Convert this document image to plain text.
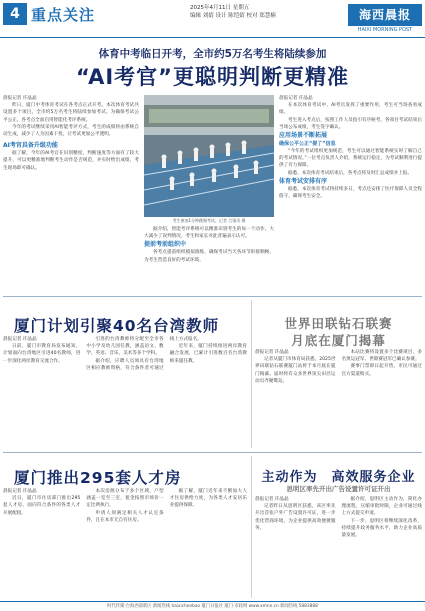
4 重点关注	2025年4月11日 星期五
编辑 刘婧 设计 陈恺婧 校对 郑慧楠	海西晨报
HAIXI MORNING POST
体育中考临日开考，全市约5万名考生将陆续参加
“AI考官”更聪明判断更精准
晨报记者 许晶晶

昨日，厦门中考体育考试在各考点正式开考。本次体育考试共设置多个项目，全市约5万名考生将陆续参加考试。为确保考试公平公正，各考点全面启用智能化考评系统。

今年的考试继续采用AI智能考评方式，考生的成绩将由系统自动生成，减少了人为因素干扰，让考试更加公平透明。

AI考官具备升级功能

据了解，今年的AI考官在识别精度、判断速度等方面有了较大提升，可以更精准地判断考生动作是否规范，并实时给出成绩，考生现场即可确认。

考生参加1分钟跳绳考试。记者 吕银凤 摄

据介绍，智能考评系统可以精准识别考生的每一个动作，大大减少了误判情况，考生和家长对此普遍表示认可。

提前考前组织中

各考点提前组织模拟演练，确保考试当天各环节衔接顺畅，为考生营造良好的考试环境。

晨报记者 许晶晶

在本次体育考试中，AI考官发挥了重要作用，考生可当场查看成绩。

考生进入考点后，按照工作人员指引有序候考，各项目考试结束后当场公布成绩，考生签字确认。

应用场景不断拓展
确保公平公正“提了”信息

“今年的考试组织更加规范，考生可以通过智能系统实时了解自己的考试情况。”一位考点负责人介绍，系统运行稳定，为考试顺利进行提供了有力保障。

据悉，本次体育考试结束后，各考点将及时汇总成绩并上报。

体育考试安排有序

据悉，本次体育考试将持续多日，考点还安排了医疗保障人员全程值守，确保考生安全。

厦门计划引聚40名台湾教师
晨报记者 许晶晶

日前，厦门市教育局发布通知，计划面向台湾地区引进40名教师，进一步深化两岸教育交流合作。

引进的台湾教师将分配至全市各中小学及幼儿园任教，涵盖语文、数学、英语、音乐、美术等多个学科。

据介绍，应聘人员须具有台湾地区相应教师资格，符合条件者可通过线上方式报名。

近年来，厦门持续推进两岸教育融合发展，已累计引进数百名台湾教师来厦任教。

世界田联钻石联赛
月底在厦门揭幕
晨报记者 许晶晶

记者从厦门市体育局获悉，2025世界田联钻石联赛厦门站将于本月底在厦门揭幕。届时将有众多世界顶尖田径运动员齐聚鹭岛。

本站比赛将设置多个比赛项目，多名奥运冠军、世锦赛冠军已确认参赛。

赛事门票即日起开售，市民可通过官方渠道购买。

厦门推出295套人才房
晨报记者 许晶晶

近日，厦门市住房部门推出295套人才房，面向符合条件的各类人才开展配租。

本次房源分布于多个区域，户型涵盖一室至三室，租金按照市场价一定比例执行。

申请人须满足相关人才认定条件，且在本市无自有住房。

据了解，厦门近年来不断加大人才住房供给力度，为各类人才安居乐业提供保障。

主动作为　高效服务企业
思明区率先开出广告设置许可证开出
晨报记者 许晶晶

记者昨日从思明区获悉，该区率先开出首张户外广告设置许可证，进一步优化营商环境，为企业提供高效便捷服务。

据介绍，思明区主动作为，简化办理流程，压缩审批时限，企业可通过线上方式提交申请。

下一步，思明区将继续深化改革，持续提升政务服务水平，助力企业高质量发展。

时代传媒·台海西部新区 新闻热线 haixichenbao 厦门日报社 厦门·市政网 www.xmnn.cn 新闻热线 5883888
